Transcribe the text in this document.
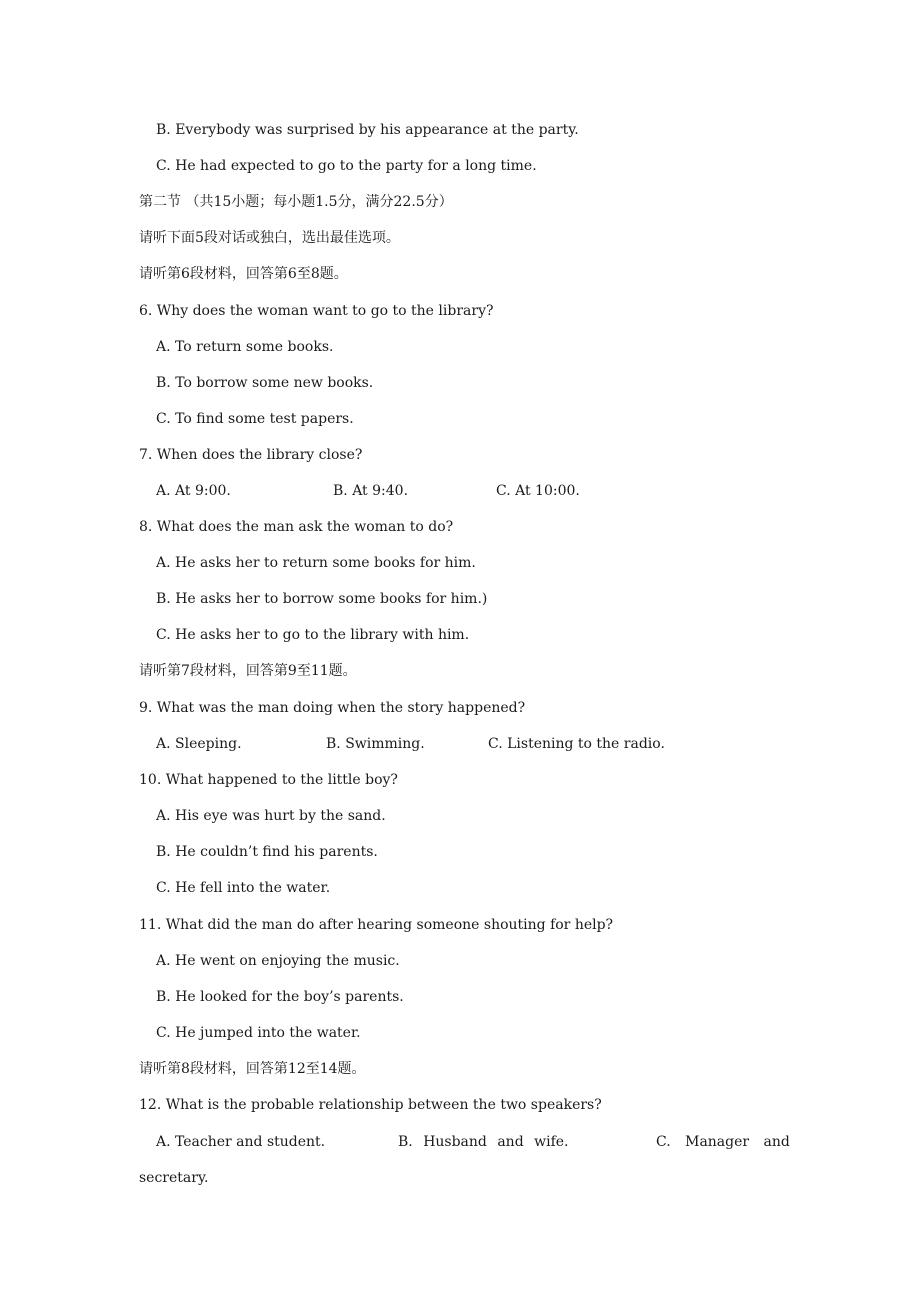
B. Everybody was surprised by his appearance at the party.
C. He had expected to go to the party for a long time.
第二节 （共15小题；每小题1.5分，满分22.5分）
请听下面5段对话或独白，选出最佳选项。
请听第6段材料，回答第6至8题。
6. Why does the woman want to go to the library?
A. To return some books.
B. To borrow some new books.
C. To find some test papers.
7. When does the library close?
A. At 9:00.	B. At 9:40.	C. At 10:00.
8. What does the man ask the woman to do?
A. He asks her to return some books for him.
B. He asks her to borrow some books for him.)
C. He asks her to go to the library with him.
请听第7段材料，回答第9至11题。
9. What was the man doing when the story happened?
A. Sleeping.	B. Swimming.	C. Listening to the radio.
10. What happened to the little boy?
A. His eye was hurt by the sand.
B. He couldn’t find his parents.
C. He fell into the water.
11. What did the man do after hearing someone shouting for help?
A. He went on enjoying the music.
B. He looked for the boy’s parents.
C. He jumped into the water.
请听第8段材料，回答第12至14题。
12. What is the probable relationship between the two speakers?
A. Teacher and student.	B. Husband and wife.	C. Manager and
secretary.
